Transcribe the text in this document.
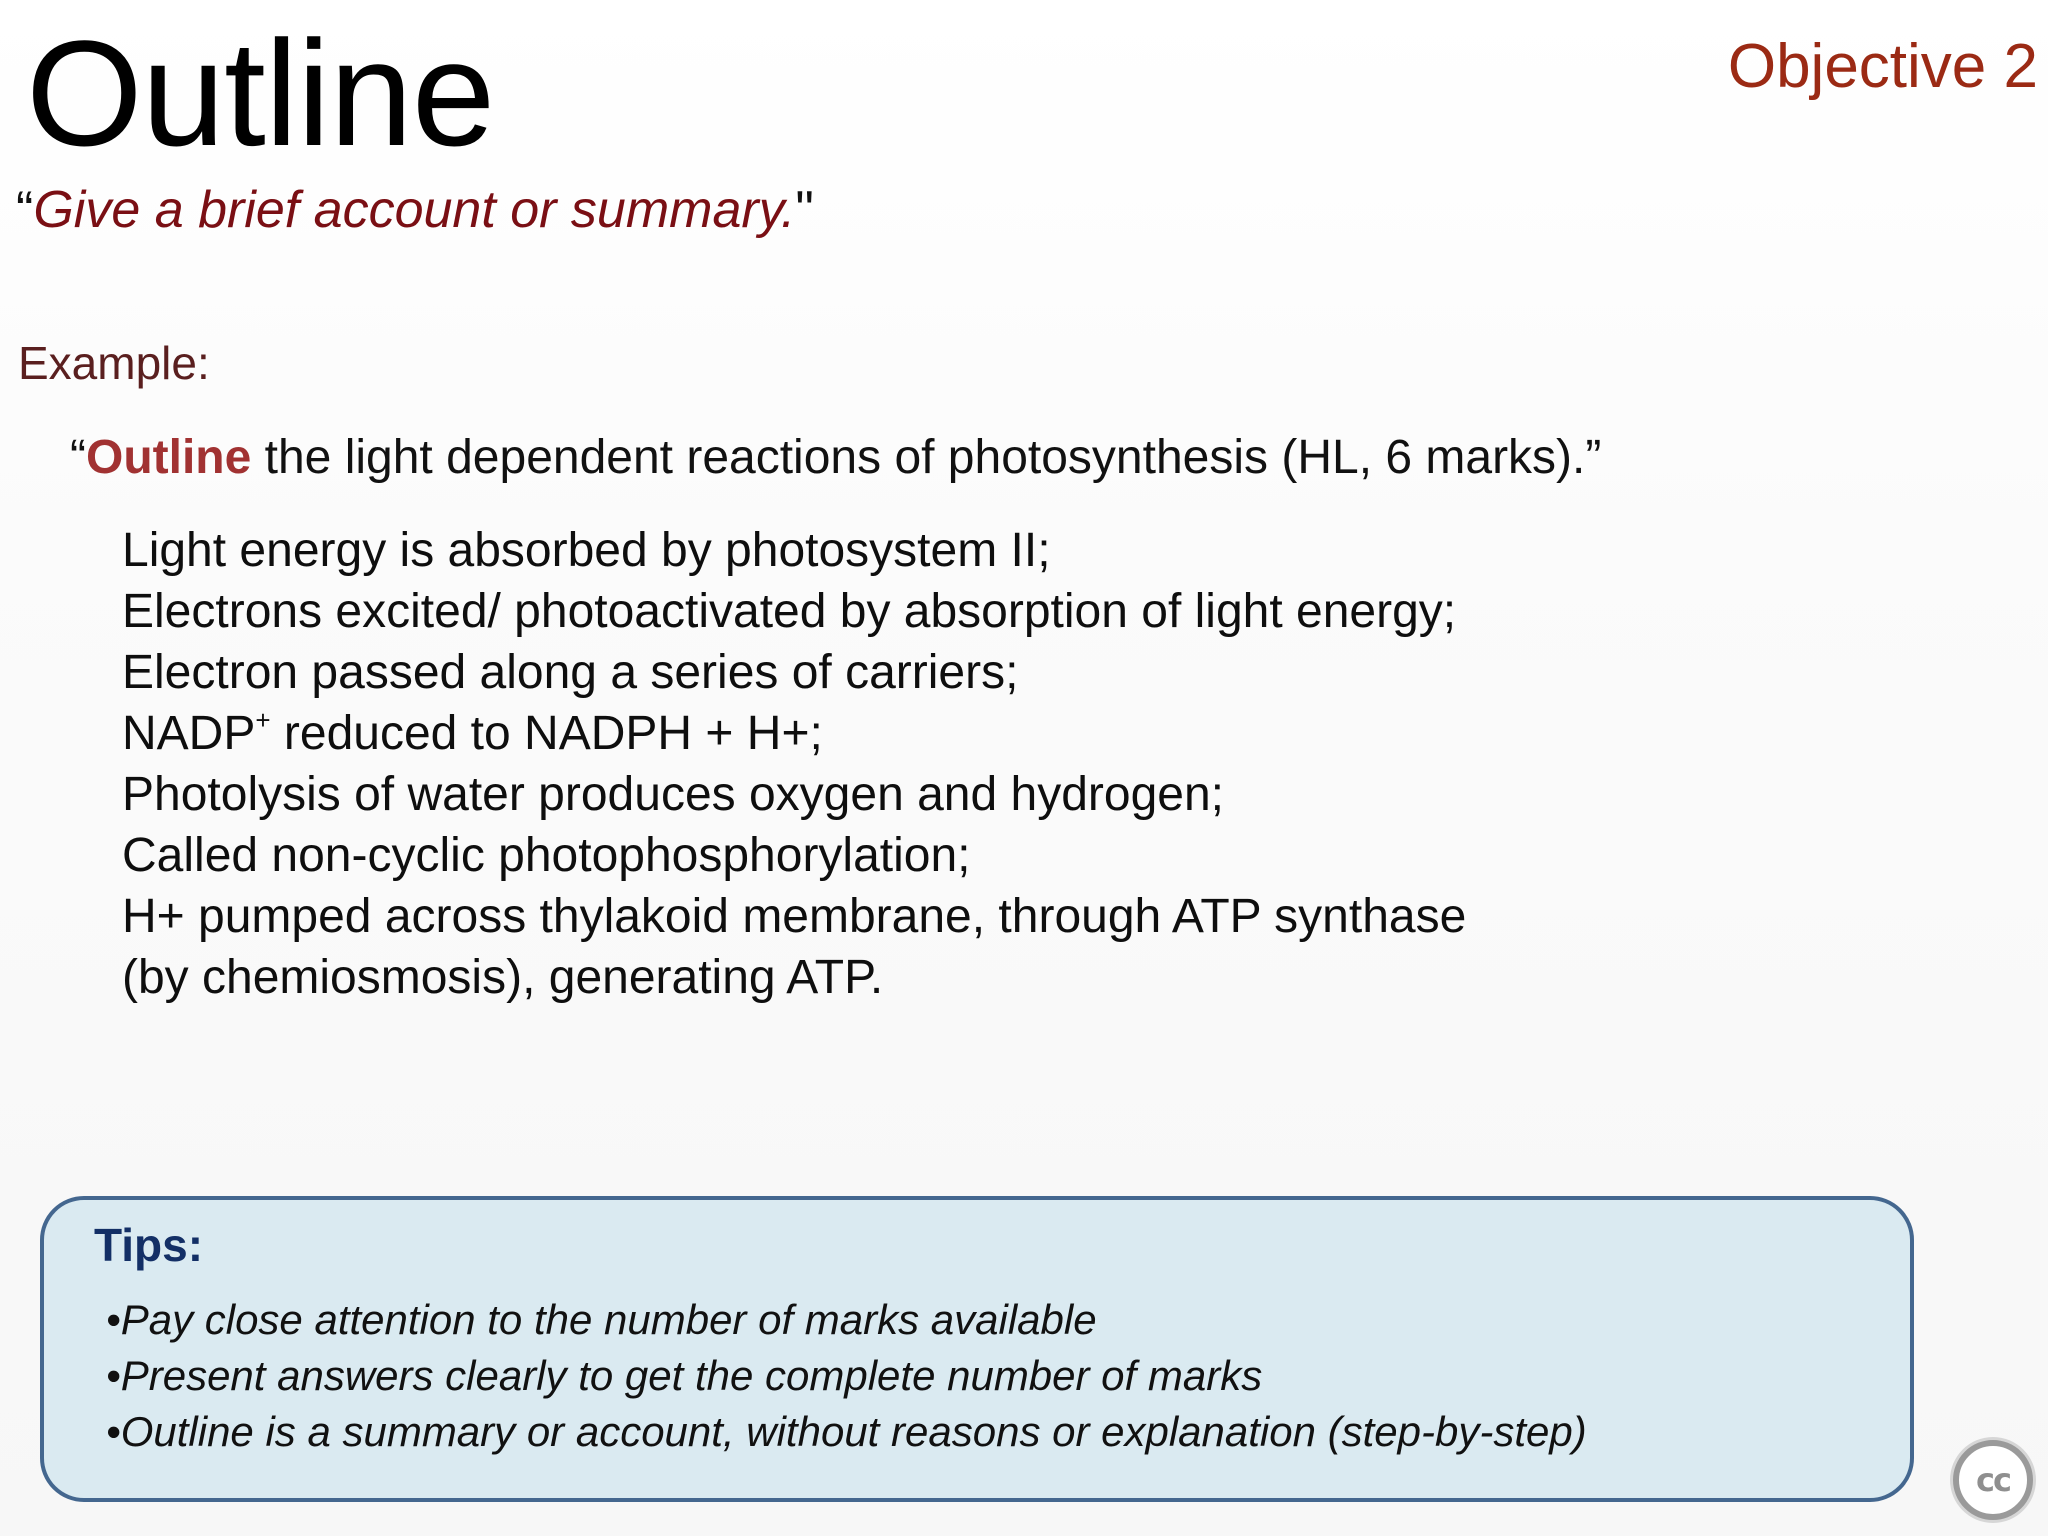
Outline	Objective 2
“Give a brief account or summary."
Example:
“Outline the light dependent reactions of photosynthesis (HL, 6 marks).”
Light energy is absorbed by photosystem II;
Electrons excited/ photoactivated by absorption of light energy;
Electron passed along a series of carriers;
NADP+ reduced to NADPH + H+;
Photolysis of water produces oxygen and hydrogen;
Called non-cyclic photophosphorylation;
H+ pumped across thylakoid membrane, through ATP synthase
(by chemiosmosis), generating ATP.
Tips:
•Pay close attention to the number of marks available
•Present answers clearly to get the complete number of marks
•Outline is a summary or account, without reasons or explanation (step-by-step)
cc
